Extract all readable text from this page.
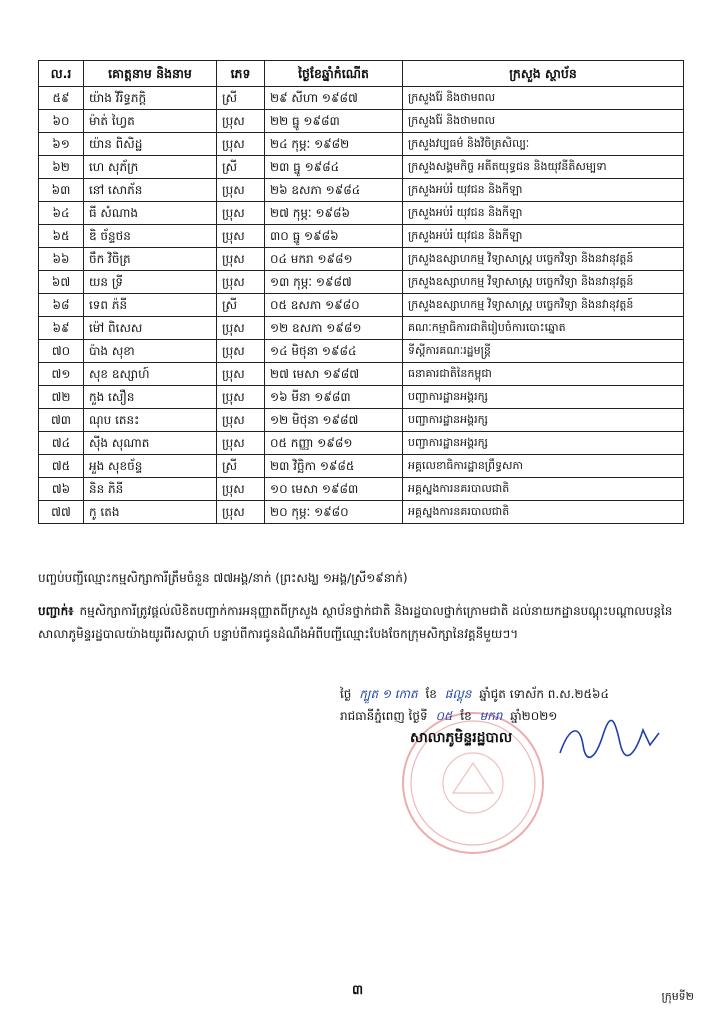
ល.រ	គោត្តនាម និងនាម	ភេទ	ថ្ងៃខែឆ្នាំកំណើត	ក្រសួង ស្ថាប័ន
៥៩	យ៉ាង វិរិទ្ធភក្តិ	ស្រី	២៩ សីហា ១៩៨៧	ក្រសួងរ៉ែ និងថាមពល
៦០	ម៉ាត់ ហ្វៃត	ប្រុស	២២ ធ្នូ ១៩៨៣	ក្រសួងរ៉ែ និងថាមពល
៦១	យ៉ាន ពិសិដ្ឋ	ប្រុស	២៤ កុម្ភៈ ១៩៨២	ក្រសួងវប្បធម៌ និងវិចិត្រសិល្បៈ
៦២	ហេ សុភ័ក្រ	ស្រី	២៣ ធ្នូ ១៩៨៤	ក្រសួងសង្គមកិច្ច អតីតយុទ្ធជន និងយុវនីតិសម្បទា
៦៣	នៅ សោភ័ន	ប្រុស	២៦ ឧសភា ១៩៨៤	ក្រសួងអប់រំ យុវជន និងកីឡា
៦៤	ធី សំណាង	ប្រុស	២៧ កុម្ភៈ ១៩៨៦	ក្រសួងអប់រំ យុវជន និងកីឡា
៦៥	ឌិ ច័ន្ទថន	ប្រុស	៣០ ធ្នូ ១៩៨៦	ក្រសួងអប់រំ យុវជន និងកីឡា
៦៦	ចឹក វិចិត្រ	ប្រុស	០៤ មករា ១៩៨១	ក្រសួងឧស្សាហកម្ម វិទ្យាសាស្ត្រ បច្ចេកវិទ្យា និងនវានុវត្តន៍
៦៧	យន ទ្រី	ប្រុស	១៣ កុម្ភៈ ១៩៨៧	ក្រសួងឧស្សាហកម្ម វិទ្យាសាស្ត្រ បច្ចេកវិទ្យា និងនវានុវត្តន៍
៦៨	ទេព ភ៉នី	ស្រី	០៥ ឧសភា ១៩៨០	ក្រសួងឧស្សាហកម្ម វិទ្យាសាស្ត្រ បច្ចេកវិទ្យា និងនវានុវត្តន៍
៦៩	ម៉ៅ ពិសេស	ប្រុស	១២ ឧសភា ១៩៨១	គណៈកម្មាធិការជាតិរៀបចំការបោះឆ្នោត
៧០	ប៉ាង សុខា	ប្រុស	១៤ មិថុនា ១៩៨៤	ទីស្តីការគណៈរដ្ឋមន្ត្រី
៧១	សុខ ឧស្សាហ៍	ប្រុស	២៧ មេសា ១៩៨៧	ធនាគារជាតិនៃកម្ពុជា
៧២	កួង សឿន	ប្រុស	១៦ មីនា ១៩៨៣	បញ្ជាការដ្ឋានអង្គរក្ស
៧៣	ណុប តេនះ	ប្រុស	១២ មិថុនា ១៩៨៧	បញ្ជាការដ្ឋានអង្គរក្ស
៧៤	ស៊ីង សុណាត	ប្រុស	០៥ កញ្ញា ១៩៨១	បញ្ជាការដ្ឋានអង្គរក្ស
៧៥	អួង សុខច័ន្ទ	ស្រី	២៣ វិច្ឆិកា ១៩៨៥	អគ្គលេខាធិការដ្ឋានព្រឹទ្ធសភា
៧៦	និន ភិនី	ប្រុស	១០ មេសា ១៩៨៣	អគ្គស្នងការនគរបាលជាតិ
៧៧	កូ តេង	ប្រុស	២០ កុម្ភៈ ១៩៨០	អគ្គស្នងការនគរបាលជាតិ
បញ្ចប់បញ្ជីឈ្មោះកម្មសិក្សាការីត្រឹមចំនួន ៧៧អង្គ/នាក់ (ព្រះសង្ឃ ១អង្គ/ស្រី១៩នាក់)
បញ្ជាក់៖ កម្មសិក្សាការីត្រូវផ្តល់លិខិតបញ្ជាក់ការអនុញ្ញាតពីក្រសួង ស្ថាប័នថ្នាក់ជាតិ និងរដ្ឋបាលថ្នាក់ក្រោមជាតិ ដល់នាយកដ្ឋានបណ្តុះបណ្តាលបន្តនៃសាលាភូមិន្ទរដ្ឋបាលយ៉ាងយូរពីរសប្តាហ៍ បន្ទាប់ពីការជូនដំណឹងអំពីបញ្ជីឈ្មោះបែងចែកក្រុមសិក្សានៃវគ្គនីមួយៗ។
ថ្ងៃ ក្បួត ១ កោត ខែ ផល្គុន ឆ្នាំជូត ទោស័ក ព.ស.២៥៦៤
រាជធានីភ្នំពេញ ថ្ងៃទី ០៥ ខែ មករា ឆ្នាំ២០២១
សាលាភូមិន្ទរដ្ឋបាល
៣	ក្រុមទី២
